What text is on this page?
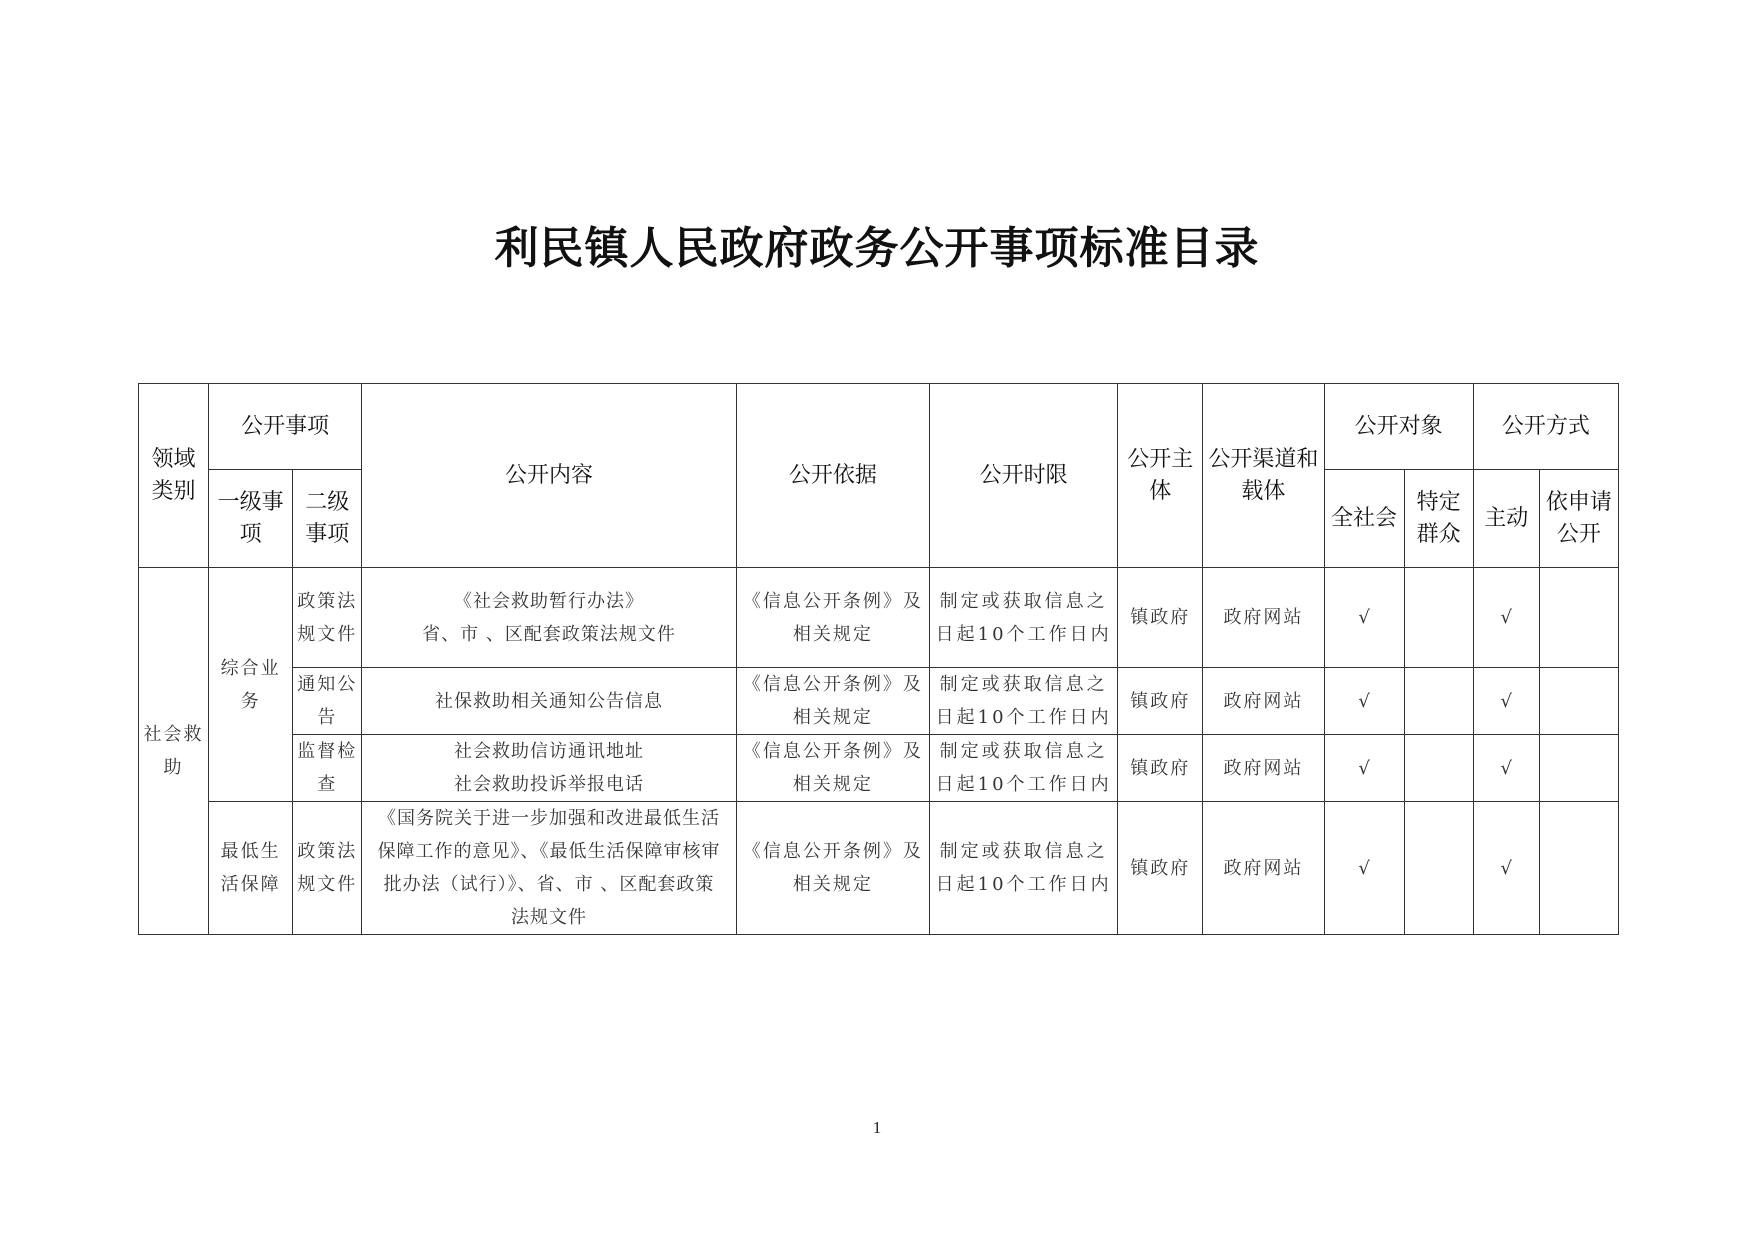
利民镇人民政府政务公开事项标准目录
领域类别	公开事项		公开内容	公开依据	公开时限	公开主体	公开渠道和载体	公开对象		公开方式	
	一级事项	二级事项						全社会	特定群众	主动	依申请公开
社会救助	综合业务	政策法规文件	《社会救助暂行办法》
省、市 、区配套政策法规文件	《信息公开条例》及
相关规定	制定或获取信息之
日起10个工作日内	镇政府	政府网站	√		√	
		通知公告	社保救助相关通知公告信息	《信息公开条例》及
相关规定	制定或获取信息之
日起10个工作日内	镇政府	政府网站	√		√	
		监督检查	社会救助信访通讯地址
社会救助投诉举报电话	《信息公开条例》及
相关规定	制定或获取信息之
日起10个工作日内	镇政府	政府网站	√		√	
	最低生活保障	政策法规文件	《国务院关于进一步加强和改进最低生活
保障工作的意见》、《最低生活保障审核审
批办法（试行）》、省、市 、区配套政策
法规文件	《信息公开条例》及
相关规定	制定或获取信息之
日起10个工作日内	镇政府	政府网站	√		√	
1
